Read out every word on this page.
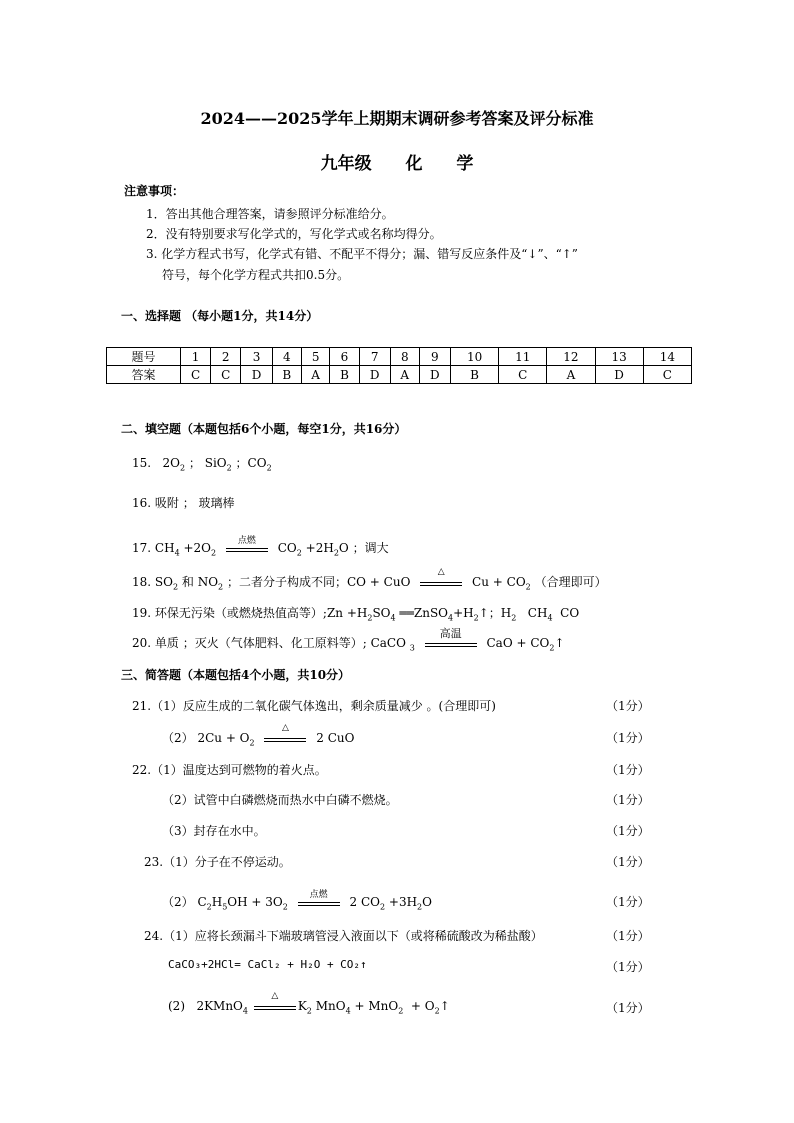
2024——2025学年上期期末调研参考答案及评分标准
九年级 化 学
注意事项：
1．答出其他合理答案，请参照评分标准给分。
2．没有特别要求写化学式的，写化学式或名称均得分。
3. 化学方程式书写，化学式有错、不配平不得分；漏、错写反应条件及“↓”、“↑”
符号，每个化学方程式共扣0.5分。
一、选择题 （每小题1分，共14分）
题号	1	2	3	4	5	6	7	8	9	10	11	12	13	14
答案	C	C	D	B	A	B	D	A	D	B	C	A	D	C
二、填空题（本题包括6个小题，每空1分，共16分）
15.   $2O_2$ ； SiO$_2$ ；$CO_2$
16. 吸附 ； 玻璃棒
17. $CH_4 +2O_2$
点燃
$CO_2 +2H_2O$ ；调大
18. $SO_2$ 和 $NO_2$ ；二者分子构成不同；CO + CuO
△
$Cu + CO_2$ （合理即可）
19. 环保无污染（或燃烧热值高等）;Zn $+H_2SO_4$ $══ZnSO_4+H_2↑$；$H_2$   $CH_4$  CO
20. 单质 ；灭火（气体肥料、化工原料等）; CaCO $_3$
高温
CaO + $CO_2↑$
三、简答题（本题包括4个小题，共10分）
21.（1）反应生成的二氧化碳气体逸出，剩余质量减少 。(合理即可)	（1分）
（2） $2Cu + O_2$
△
2 CuO	（1分）
22.（1）温度达到可燃物的着火点。	（1分）
（2）试管中白磷燃烧而热水中白磷不燃烧。	（1分）
（3）封存在水中。	（1分）
23.（1）分子在不停运动。	（1分）
（2） $C_2H_5OH + 3O_2$
点燃
2 $CO_2 +3H_2O$	（1分）
24.（1）应将长颈漏斗下端玻璃管浸入液面以下（或将稀硫酸改为稀盐酸）	（1分）
CaCO₃+2HCl= CaCl₂ + H₂O + CO₂↑	（1分）
(2)   2KMnO$_4$
△
$K_2$ $MnO_4 + MnO_2 + O_2↑$	（1分）
